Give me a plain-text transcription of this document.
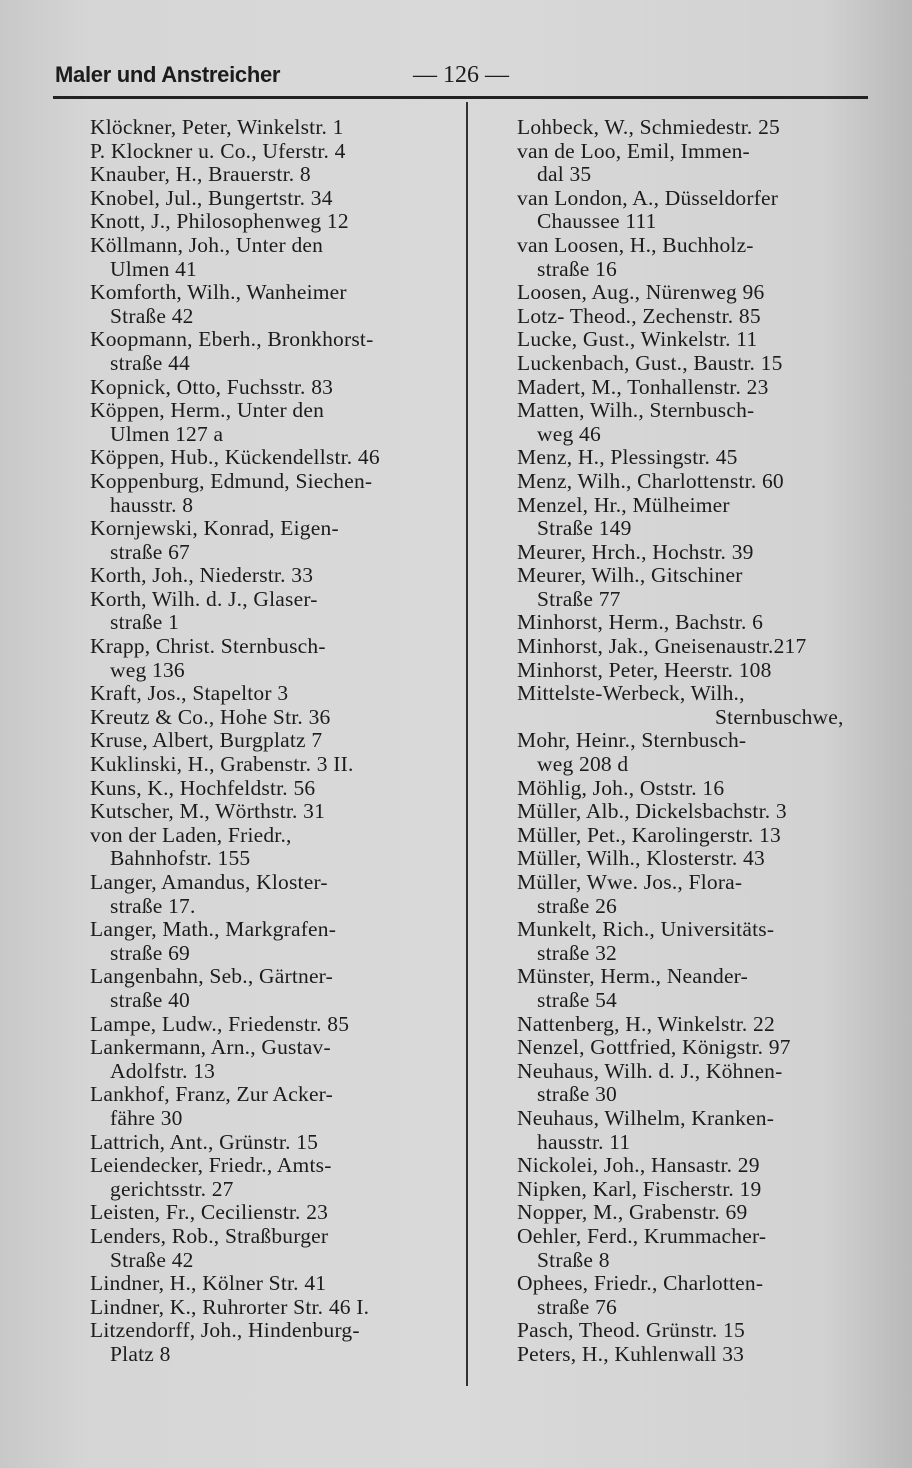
Maler und Anstreicher	— 126 —
Klöckner, Peter, Winkelstr. 1
P. Klockner u. Co., Uferstr. 4
Knauber, H., Brauerstr. 8
Knobel, Jul., Bungertstr. 34
Knott, J., Philosophenweg 12
Köllmann, Joh., Unter den
Ulmen 41
Komforth, Wilh., Wanheimer
Straße 42
Koopmann, Eberh., Bronkhorst-
straße 44
Kopnick, Otto, Fuchsstr. 83
Köppen, Herm., Unter den
Ulmen 127 a
Köppen, Hub., Kückendellstr. 46
Koppenburg, Edmund, Siechen-
hausstr. 8
Kornjewski, Konrad, Eigen-
straße 67
Korth, Joh., Niederstr. 33
Korth, Wilh. d. J., Glaser-
straße 1
Krapp, Christ. Sternbusch-
weg 136
Kraft, Jos., Stapeltor 3
Kreutz & Co., Hohe Str. 36
Kruse, Albert, Burgplatz 7
Kuklinski, H., Grabenstr. 3 II.
Kuns, K., Hochfeldstr. 56
Kutscher, M., Wörthstr. 31
von der Laden, Friedr.,
Bahnhofstr. 155
Langer, Amandus, Kloster-
straße 17.
Langer, Math., Markgrafen-
straße 69
Langenbahn, Seb., Gärtner-
straße 40
Lampe, Ludw., Friedenstr. 85
Lankermann, Arn., Gustav-
Adolfstr. 13
Lankhof, Franz, Zur Acker-
fähre 30
Lattrich, Ant., Grünstr. 15
Leiendecker, Friedr., Amts-
gerichtsstr. 27
Leisten, Fr., Cecilienstr. 23
Lenders, Rob., Straßburger
Straße 42
Lindner, H., Kölner Str. 41
Lindner, K., Ruhrorter Str. 46 I.
Litzendorff, Joh., Hindenburg-
Platz 8
Lohbeck, W., Schmiedestr. 25
van de Loo, Emil, Immen-
dal 35
van London, A., Düsseldorfer
Chaussee 111
van Loosen, H., Buchholz-
straße 16
Loosen, Aug., Nürenweg 96
Lotz- Theod., Zechenstr. 85
Lucke, Gust., Winkelstr. 11
Luckenbach, Gust., Baustr. 15
Madert, M., Tonhallenstr. 23
Matten, Wilh., Sternbusch-
weg 46
Menz, H., Plessingstr. 45
Menz, Wilh., Charlottenstr. 60
Menzel, Hr., Mülheimer
Straße 149
Meurer, Hrch., Hochstr. 39
Meurer, Wilh., Gitschiner
Straße 77
Minhorst, Herm., Bachstr. 6
Minhorst, Jak., Gneisenaustr.217
Minhorst, Peter, Heerstr. 108
Mittelste-Werbeck, Wilh.,
Sternbuschwe,
Mohr, Heinr., Sternbusch-
weg 208 d
Möhlig, Joh., Oststr. 16
Müller, Alb., Dickelsbachstr. 3
Müller, Pet., Karolingerstr. 13
Müller, Wilh., Klosterstr. 43
Müller, Wwe. Jos., Flora-
straße 26
Munkelt, Rich., Universitäts-
straße 32
Münster, Herm., Neander-
straße 54
Nattenberg, H., Winkelstr. 22
Nenzel, Gottfried, Königstr. 97
Neuhaus, Wilh. d. J., Köhnen-
straße 30
Neuhaus, Wilhelm, Kranken-
hausstr. 11
Nickolei, Joh., Hansastr. 29
Nipken, Karl, Fischerstr. 19
Nopper, M., Grabenstr. 69
Oehler, Ferd., Krummacher-
Straße 8
Ophees, Friedr., Charlotten-
straße 76
Pasch, Theod. Grünstr. 15
Peters, H., Kuhlenwall 33
